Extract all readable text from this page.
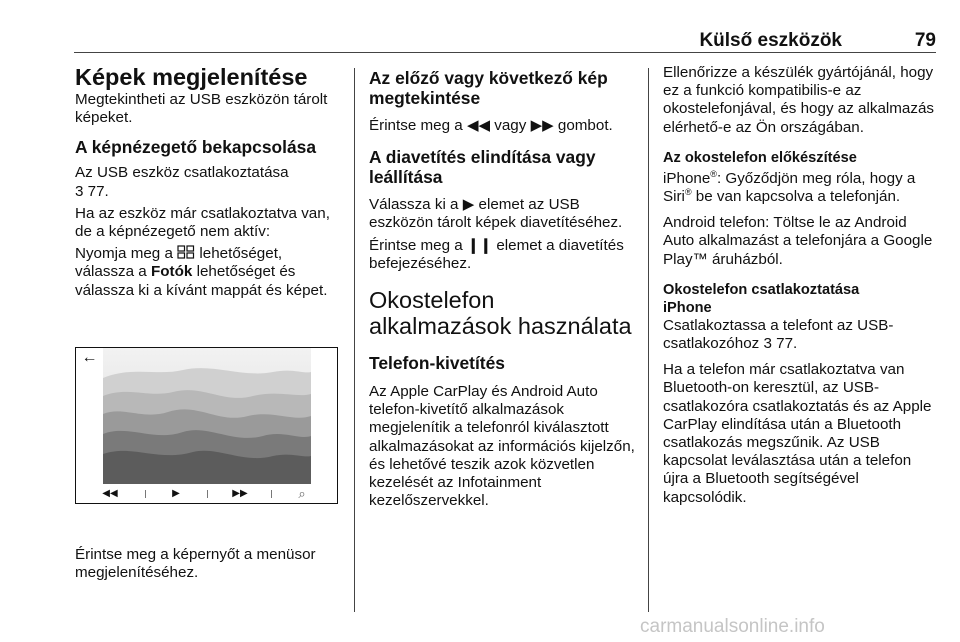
Külső eszközök	79
Képek megjelenítése
Megtekintheti az USB eszközön tárolt képeket.
A képnézegető bekapcsolása
Az USB eszköz csatlakoztatása
3 77.
Ha az eszköz már csatlakoztatva van, de a képnézegető nem aktív:
Nyomja meg a lehetőséget,
válassza a Fotók lehetőséget és
válassza ki a kívánt mappát és képet.
←
◀◀	▶	▶▶	⌕
Érintse meg a képernyőt a menüsor megjelenítéséhez.
Az előző vagy következő kép megtekintése
Érintse meg a ◀◀ vagy ▶▶ gombot.
A diavetítés elindítása vagy leállítása
Válassza ki a ▶ elemet az USB eszközön tárolt képek diavetítéséhez.
Érintse meg a ❙❙ elemet a diavetítés befejezéséhez.
Okostelefon alkalmazások használata
Telefon-kivetítés
Az Apple CarPlay és Android Auto telefon-kivetítő alkalmazások megjelenítik a telefonról kiválasztott alkalmazásokat az információs kijelzőn, és lehetővé teszik azok közvetlen kezelését az Infotainment kezelőszervekkel.
Ellenőrizze a készülék gyártójánál, hogy ez a funkció kompatibilis-e az okostelefonjával, és hogy az alkalmazás elérhető-e az Ön országában.
Az okostelefon előkészítése
iPhone®: Győződjön meg róla, hogy a Siri® be van kapcsolva a telefonján.
Android telefon: Töltse le az Android Auto alkalmazást a telefonjára a Google Play™ áruházból.
Okostelefon csatlakoztatása
iPhone
Csatlakoztassa a telefont az USB-csatlakozóhoz 3 77.
Ha a telefon már csatlakoztatva van Bluetooth-on keresztül, az USB-csatlakozóra csatlakoztatás és az Apple CarPlay elindítása után a Bluetooth csatlakozás megszűnik. Az USB kapcsolat leválasztása után a telefon újra a Bluetooth segítségével kapcsolódik.
carmanualsonline.info
